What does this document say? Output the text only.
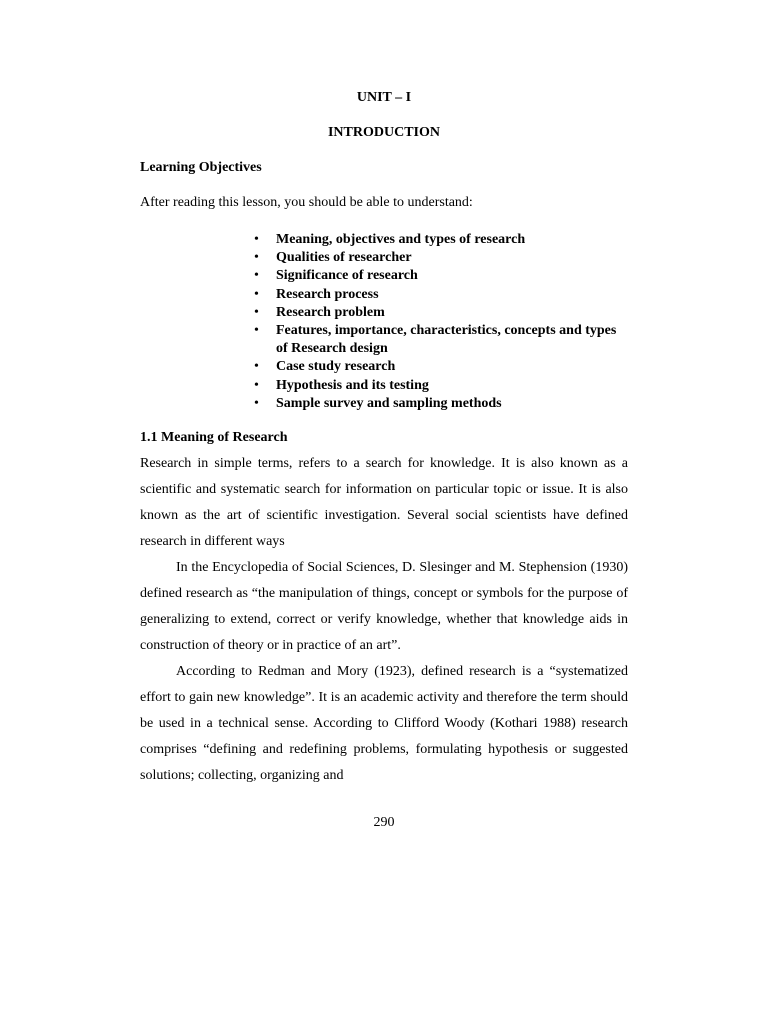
UNIT – I
INTRODUCTION
Learning Objectives
After reading this lesson, you should be able to understand:
• Meaning, objectives and types of research
• Qualities of researcher
• Significance of research
• Research process
• Research problem
• Features, importance, characteristics, concepts and types of Research design
• Case study research
• Hypothesis and its testing
• Sample survey and sampling methods
1.1 Meaning of Research

Research in simple terms, refers to a search for knowledge. It is also known as a scientific and systematic search for information on particular topic or issue. It is also known as the art of scientific investigation. Several social scientists have defined research in different ways

In the Encyclopedia of Social Sciences, D. Slesinger and M. Stephension (1930) defined research as “the manipulation of things, concept or symbols for the purpose of generalizing to extend, correct or verify knowledge, whether that knowledge aids in construction of theory or in practice of an art”.

According to Redman and Mory (1923), defined research is a “systematized effort to gain new knowledge”. It is an academic activity and therefore the term should be used in a technical sense. According to Clifford Woody (Kothari 1988) research comprises “defining and redefining problems, formulating hypothesis or suggested solutions; collecting, organizing and

290
